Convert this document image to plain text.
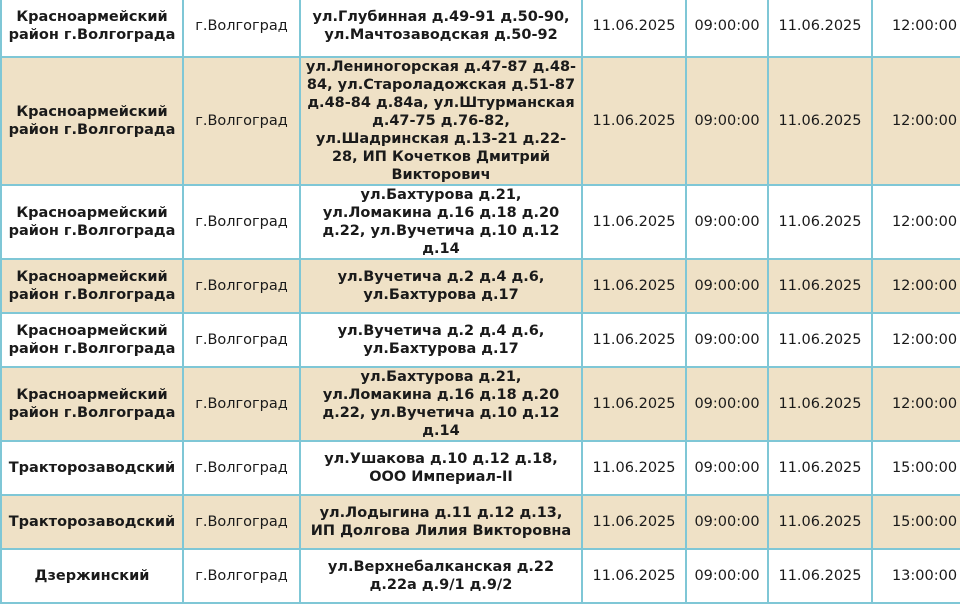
Красноармейский район г.Волгограда	г.Волгоград	ул.Глубинная д.49-91 д.50-90, ул.Мачтозаводская д.50-92	11.06.2025	09:00:00	11.06.2025	12:00:00
Красноармейский район г.Волгограда	г.Волгоград	ул.Лениногорская д.47-87 д.48-84, ул.Староладожская д.51-87 д.48-84 д.84а, ул.Штурманская д.47-75 д.76-82, ул.Шадринская д.13-21 д.22-28, ИП Кочетков Дмитрий Викторович	11.06.2025	09:00:00	11.06.2025	12:00:00
Красноармейский район г.Волгограда	г.Волгоград	ул.Бахтурова д.21, ул.Ломакина д.16 д.18 д.20 д.22, ул.Вучетича д.10 д.12 д.14	11.06.2025	09:00:00	11.06.2025	12:00:00
Красноармейский район г.Волгограда	г.Волгоград	ул.Вучетича д.2 д.4 д.6, ул.Бахтурова д.17	11.06.2025	09:00:00	11.06.2025	12:00:00
Красноармейский район г.Волгограда	г.Волгоград	ул.Вучетича д.2 д.4 д.6, ул.Бахтурова д.17	11.06.2025	09:00:00	11.06.2025	12:00:00
Красноармейский район г.Волгограда	г.Волгоград	ул.Бахтурова д.21, ул.Ломакина д.16 д.18 д.20 д.22, ул.Вучетича д.10 д.12 д.14	11.06.2025	09:00:00	11.06.2025	12:00:00
Тракторозаводский	г.Волгоград	ул.Ушакова д.10 д.12 д.18, ООО Империал-II	11.06.2025	09:00:00	11.06.2025	15:00:00
Тракторозаводский	г.Волгоград	ул.Лодыгина д.11 д.12 д.13, ИП Долгова Лилия Викторовна	11.06.2025	09:00:00	11.06.2025	15:00:00
Дзержинский	г.Волгоград	ул.Верхнебалканская д.22 д.22а д.9/1 д.9/2	11.06.2025	09:00:00	11.06.2025	13:00:00
